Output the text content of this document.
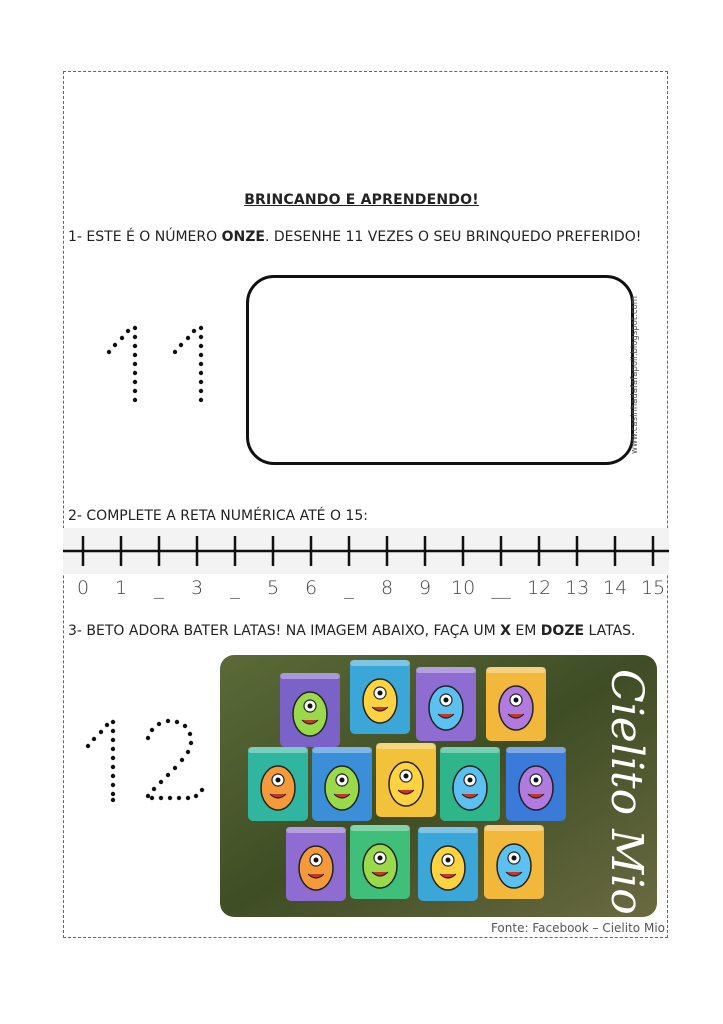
BRINCANDO E APRENDENDO!
1- ESTE É O NÚMERO ONZE. DESENHE 11 VEZES O SEU BRINQUEDO PREFERIDO!
www.casinhadafafapoli.blogspot.com
2- COMPLETE A RETA NUMÉRICA ATÉ O 15:
0	1	_	3	_	5	6	_	8	9	10 __ 12 13 14 15
3- BETO ADORA BATER LATAS! NA IMAGEM ABAIXO, FAÇA UM X EM DOZE LATAS.
Cielito Mio
Fonte: Facebook – Cielito Mio
